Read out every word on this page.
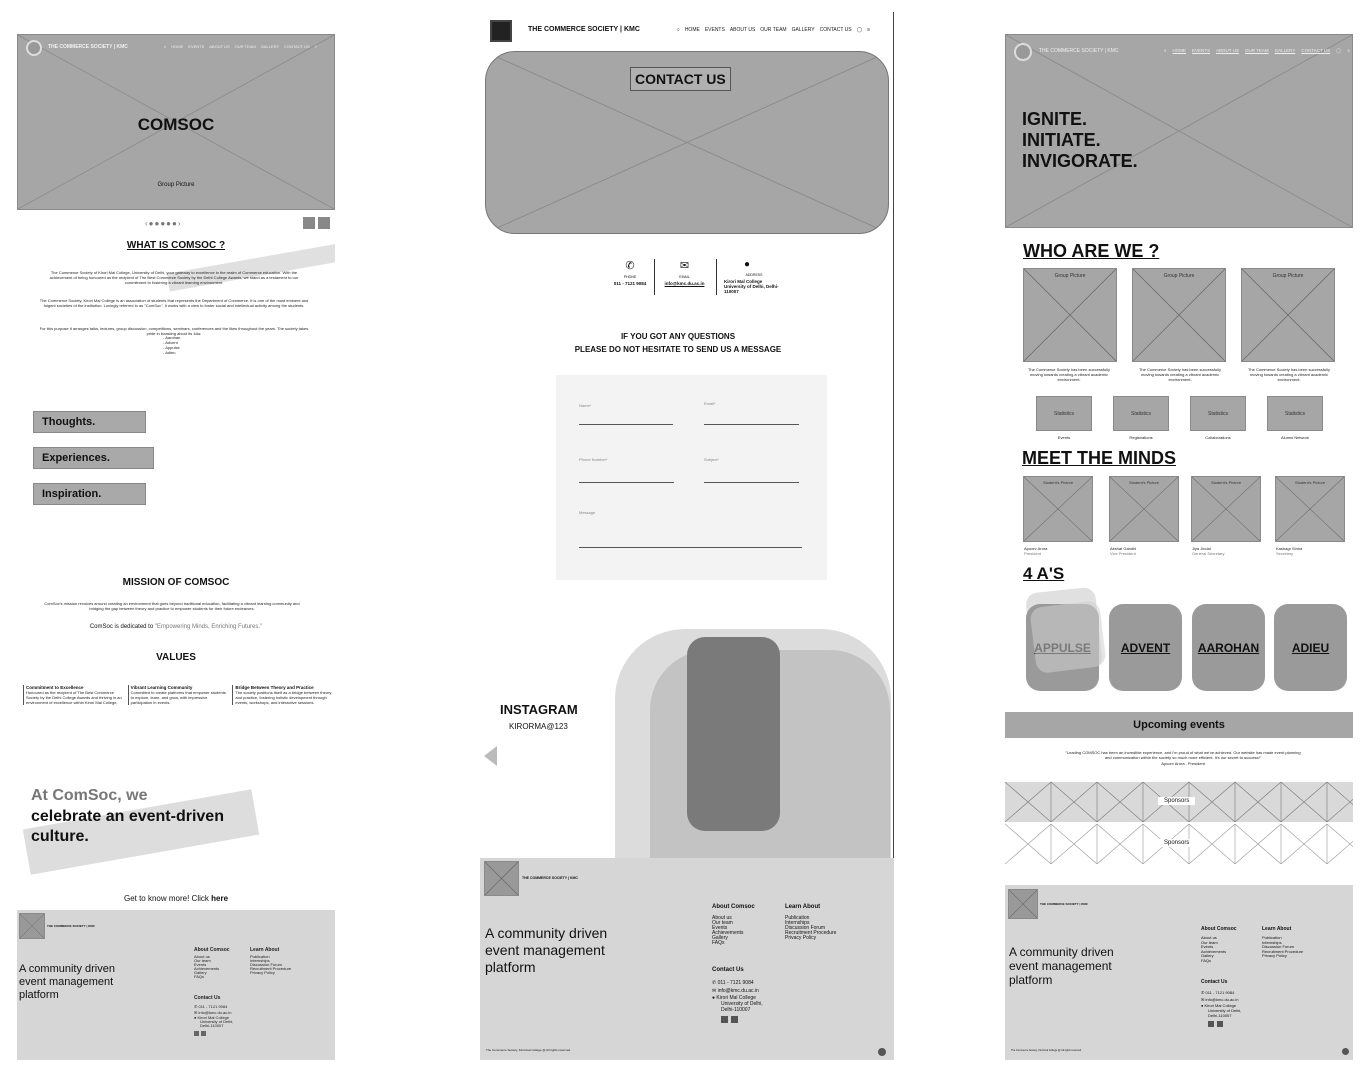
THE COMMERCE SOCIETY | KMC	⌕ HOME EVENTS ABOUT US OUR TEAM GALLERY CONTACT US ≡
COMSOC
Group Picture
‹●●●●●›
WHAT IS COMSOC ?
The Commerce Society of Kirori Mal College, University of Delhi, your gateway to excellence in the realm of Commerce education. With the achievement of being honoured as the recipient of The Best Commerce Society by the Delhi College Awards, we stand as a testament to our commitment to fostering a vibrant learning environment.
The Commerce Society, Kirori Mal College is an association of students that represents the Department of Commerce. It is one of the most eminent and fulgent societies of the institution. Lovingly referred to as "ComSoc", it works with a view to foster social and intellectual activity among the students.
For this purpose it arranges talks, lectures, group discussion, competitions, seminars, conferences and the likes throughout the years. The society takes pride in boasting about its 4As:
- Aarohan
- Advent
- Appulse
- Adieu
Thoughts.
Experiences.
Inspiration.
MISSION OF COMSOC
ComSoc's mission revolves around creating an environment that goes beyond traditional education, facilitating a vibrant learning community and bridging the gap between theory and practice to empower students for their future endeavors.
ComSoc is dedicated to "Empowering Minds, Enriching Futures."
VALUES
Commitment to Excellence
Honoured as the recipient of The Best Commerce Society by the Delhi College Awards and thriving in an environment of excellence within Kirori Mal College.
Vibrant Learning Community
Committed to create platforms that empower students to explore, learn, and grow, with impressive participation in events.
Bridge Between Theory and Practice
The society positions itself as a bridge between theory and practice, fostering holistic development through events, workshops, and interactive sessions.
At ComSoc, we
celebrate an event-driven
culture.
Get to know more! Click here
THE COMMERCE SOCIETY | KMC
A community driven
event management
platform
About Comsoc
About us
Our team
Events
Achievements
Gallery
FAQs
Learn About
Publication
Internships
Discussion Forum
Recruitment Procedure
Privacy Policy
Contact Us
✆ 011 - 7121 9084
✉ info@kmc.du.ac.in
● Kirori Mal College
University of Delhi,
Delhi-110007
THE COMMERCE SOCIETY | KMC	⌕ HOME EVENTS ABOUT US OUR TEAM GALLERY CONTACT US ◯ ≡
CONTACT US
✆
PHONE
011 - 7121 9084
✉
EMAIL
info@kmc.du.ac.in
●
ADDRESS
Kirori Mal College University of Delhi, Delhi-110007
IF YOU GOT ANY QUESTIONS
PLEASE DO NOT HESITATE TO SEND US A MESSAGE
Name*	Email*
Phone Number*	Subject*
Message
INSTAGRAM
KIRORMA@123
THE COMMERCE SOCIETY | KMC
A community driven
event management
platform
About Comsoc
About us
Our team
Events
Achievements
Gallery
FAQs
Learn About
Publication
Internships
Discussion Forum
Recruitment Procedure
Privacy Policy
Contact Us
✆ 011 - 7121 9084
✉ info@kmc.du.ac.in
● Kirori Mal College
University of Delhi,
Delhi-110007
The Commerce Society, Kirorimal College @ All rights reserved
THE COMMERCE SOCIETY | KMC	⌕ HOME EVENTS ABOUT US OUR TEAM GALLERY CONTACT US ◯ ≡
IGNITE.
INITIATE.
INVIGORATE.
WHO ARE WE ?
Group Picture	Group Picture	Group Picture
The Commerce Society has been successfully moving towards creating a vibrant academic environment.
The Commerce Society has been successfully moving towards creating a vibrant academic environment.
The Commerce Society has been successfully moving towards creating a vibrant academic environment.
Statistics	Statistics	Statistics	Statistics
Events	Registrations	Collaborations	Alumni Network
MEET THE MINDS
Student's Picture	Student's Picture	Student's Picture	Student's Picture
Apoorv Arora
President
Akshat Gandhi
Vice President
Jiya Jindal
General Secretary
Kashagr Sinha
Secretary
4 A'S
ADVENT AAROHAN	ADIEU
Upcoming events
"Leading COMSOC has been an incredible experience, and I'm proud of what we've achieved. Our website has made event planning and communication within the society so much more efficient. It's our secret to success!"
Apoorv Arora , President
Sponsors
Sponsors
THE COMMERCE SOCIETY | KMC
A community driven
event management
platform
About Comsoc
About us
Our team
Events
Achievements
Gallery
FAQs
Learn About
Publication
Internships
Discussion Forum
Recruitment Procedure
Privacy Policy
Contact Us
✆ 011 - 7121 9084
✉ info@kmc.du.ac.in
● Kirori Mal College
University of Delhi,
Delhi-110007
The Commerce Society, Kirorimal College @ All rights reserved
